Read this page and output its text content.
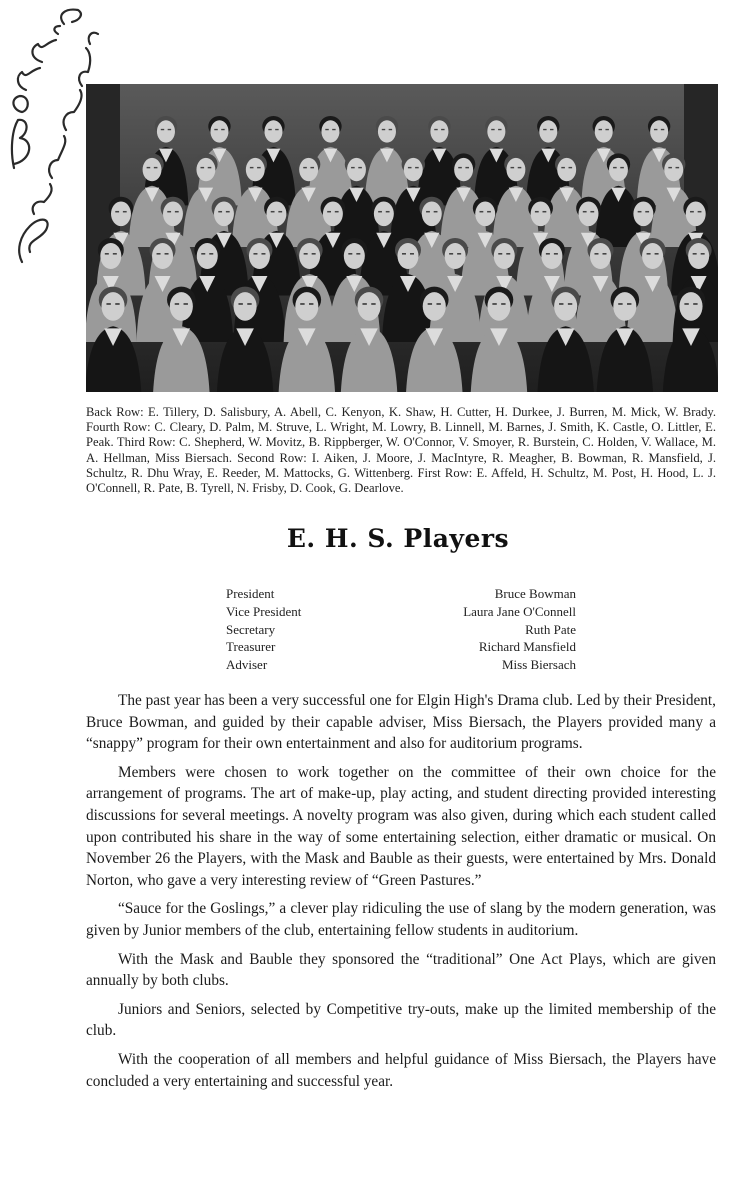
Back Row: E. Tillery, D. Salisbury, A. Abell, C. Kenyon, K. Shaw, H. Cutter, H. Durkee, J. Burren, M. Mick, W. Brady. Fourth Row: C. Cleary, D. Palm, M. Struve, L. Wright, M. Lowry, B. Linnell, M. Barnes, J. Smith, K. Castle, O. Littler, E. Peak. Third Row: C. Shepherd, W. Movitz, B. Rippberger, W. O'Connor, V. Smoyer, R. Burstein, C. Holden, V. Wallace, M. A. Hellman, Miss Biersach. Second Row: I. Aiken, J. Moore, J. MacIntyre, R. Meagher, B. Bowman, R. Mansfield, J. Schultz, R. Dhu Wray, E. Reeder, M. Mattocks, G. Wittenberg. First Row: E. Affeld, H. Schultz, M. Post, H. Hood, L. J. O'Connell, R. Pate, B. Tyrell, N. Frisby, D. Cook, G. Dearlove.
E. H. S. Players
President	Bruce Bowman
Vice President	Laura Jane O'Connell
Secretary	Ruth Pate
Treasurer	Richard Mansfield
Adviser	Miss Biersach

The past year has been a very successful one for Elgin High's Drama club. Led by their President, Bruce Bowman, and guided by their capable adviser, Miss Biersach, the Players provided many a “snappy” program for their own entertainment and also for auditorium programs.

Members were chosen to work together on the committee of their own choice for the arrangement of programs. The art of make-up, play acting, and student directing provided interesting discussions for several meetings. A novelty program was also given, during which each student called upon contributed his share in the way of some entertaining selection, either dramatic or musical. On November 26 the Players, with the Mask and Bauble as their guests, were entertained by Mrs. Donald Norton, who gave a very interesting review of “Green Pastures.”

“Sauce for the Goslings,” a clever play ridiculing the use of slang by the modern generation, was given by Junior members of the club, entertaining fellow students in auditorium.

With the Mask and Bauble they sponsored the “traditional” One Act Plays, which are given annually by both clubs.

Juniors and Seniors, selected by Competitive try-outs, make up the limited membership of the club.

With the cooperation of all members and helpful guidance of Miss Biersach, the Players have concluded a very entertaining and successful year.
